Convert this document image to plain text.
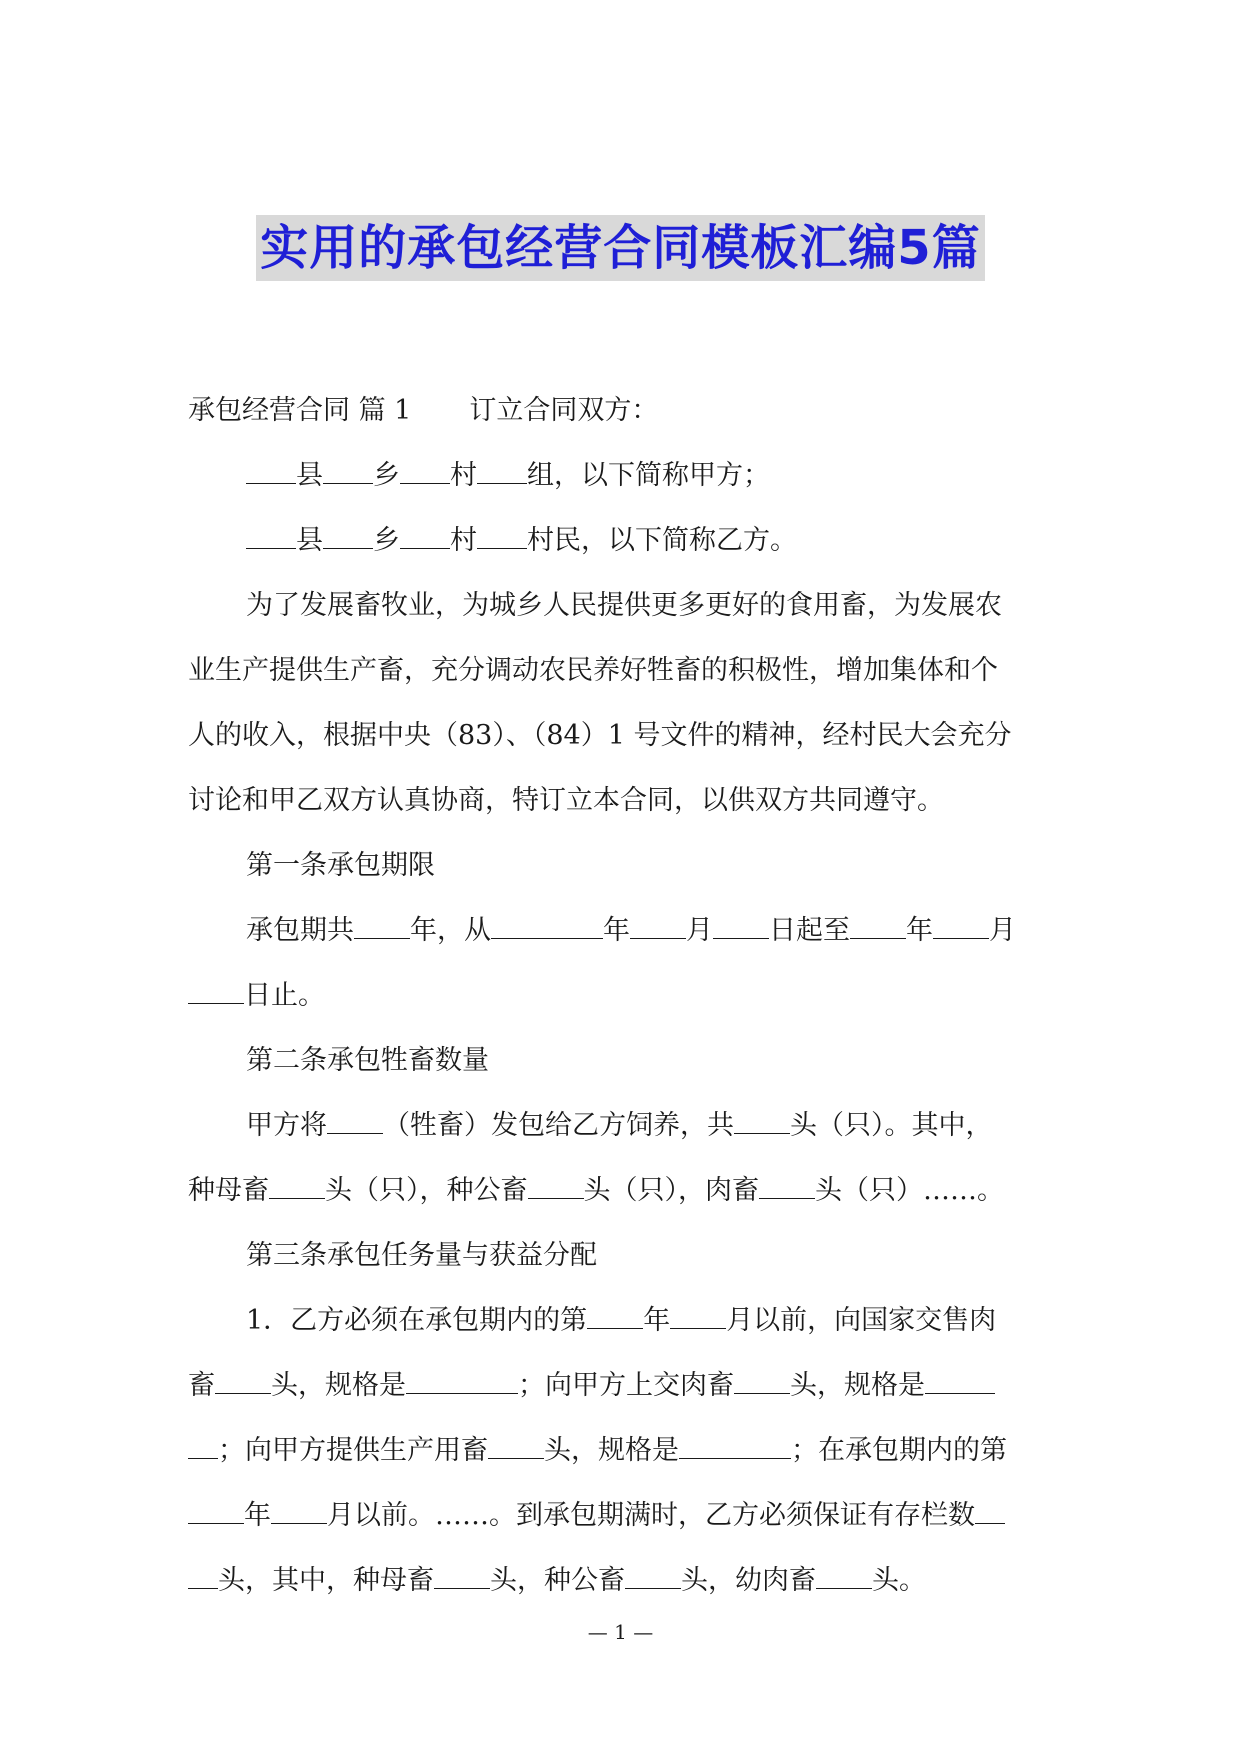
实用的承包经营合同模板汇编5篇
承包经营合同 篇 1 订立合同双方：
县 乡 村 组，以下简称甲方；
县 乡 村 村民，以下简称乙方。
为了发展畜牧业，为城乡人民提供更多更好的食用畜，为发展农
业生产提供生产畜，充分调动农民养好牲畜的积极性，增加集体和个
人的收入，根据中央（83）、（84）1 号文件的精神，经村民大会充分
讨论和甲乙双方认真协商，特订立本合同，以供双方共同遵守。
第一条承包期限
承包期共 年，从	年 月 日起至 年 月
日止。
第二条承包牲畜数量
甲方将 （牲畜）发包给乙方饲养，共 头（只）。其中，
种母畜 头（只），种公畜 头（只），肉畜 头（只）……。
第三条承包任务量与获益分配
1．乙方必须在承包期内的第 年 月以前，向国家交售肉
畜 头，规格是	；向甲方上交肉畜 头，规格是
；向甲方提供生产用畜 头，规格是	；在承包期内的第
年 月以前。……。到承包期满时，乙方必须保证有存栏数
头，其中，种母畜 头，种公畜 头，幼肉畜 头。
— 1 —
